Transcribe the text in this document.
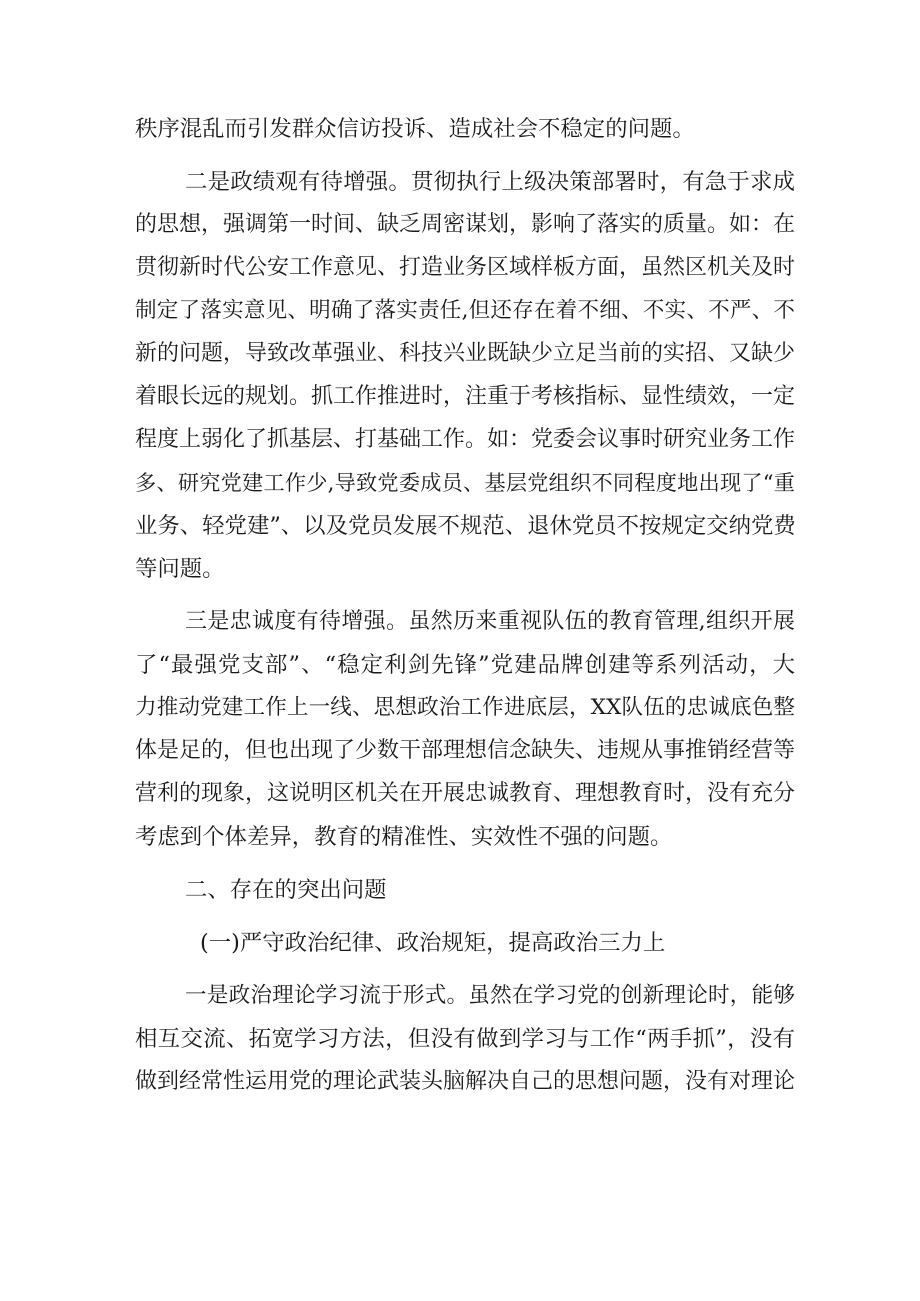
秩序混乱而引发群众信访投诉、造成社会不稳定的问题。
二是政绩观有待增强。贯彻执行上级决策部署时，有急于求成
的思想，强调第一时间、缺乏周密谋划，影响了落实的质量。如：在
贯彻新时代公安工作意见、打造业务区域样板方面，虽然区机关及时
制定了落实意见、明确了落实责任,但还存在着不细、不实、不严、不
新的问题，导致改革强业、科技兴业既缺少立足当前的实招、又缺少
着眼长远的规划。抓工作推进时，注重于考核指标、显性绩效，一定
程度上弱化了抓基层、打基础工作。如：党委会议事时研究业务工作
多、研究党建工作少,导致党委成员、基层党组织不同程度地出现了“重
业务、轻党建”、以及党员发展不规范、退休党员不按规定交纳党费
等问题。
三是忠诚度有待增强。虽然历来重视队伍的教育管理,组织开展
了“最强党支部”、“稳定利剑先锋”党建品牌创建等系列活动，大
力推动党建工作上一线、思想政治工作进底层，XX队伍的忠诚底色整
体是足的，但也出现了少数干部理想信念缺失、违规从事推销经营等
营利的现象，这说明区机关在开展忠诚教育、理想教育时，没有充分
考虑到个体差异，教育的精准性、实效性不强的问题。
二、存在的突出问题
(一)严守政治纪律、政治规矩，提高政治三力上
一是政治理论学习流于形式。虽然在学习党的创新理论时，能够
相互交流、拓宽学习方法，但没有做到学习与工作“两手抓”，没有
做到经常性运用党的理论武装头脑解决自己的思想问题，没有对理论
